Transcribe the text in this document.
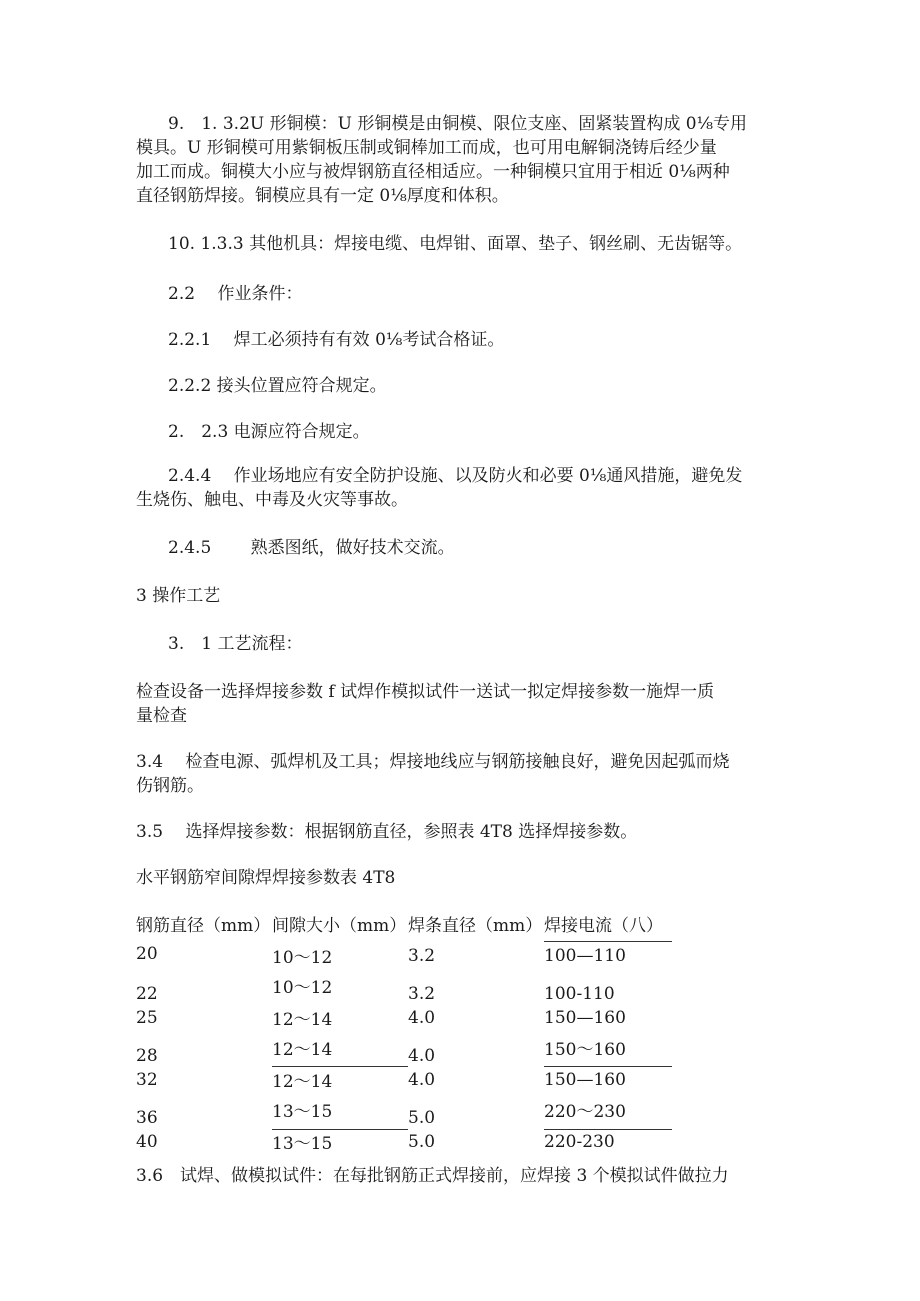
9.　1. 3.2U 形铜模：U 形铜模是由铜模、限位支座、固紧装置构成 0⅛专用
模具。U 形铜模可用紫铜板压制或铜棒加工而成，也可用电解铜浇铸后经少量
加工而成。铜模大小应与被焊钢筋直径相适应。一种铜模只宜用于相近 0⅛两种
直径钢筋焊接。铜模应具有一定 0⅛厚度和体积。
10. 1.3.3 其他机具：焊接电缆、电焊钳、面罩、垫子、钢丝刷、无齿锯等。
2.2　 作业条件：
2.2.1　 焊工必须持有有效 0⅛考试合格证。
2.2.2 接头位置应符合规定。
2.　2.3 电源应符合规定。
2.4.4　 作业场地应有安全防护设施、以及防火和必要 0⅛通风措施，避免发
生烧伤、触电、中毒及火灾等事故。
2.4.5　　 熟悉图纸，做好技术交流。
3 操作工艺
3.　1 工艺流程：
检查设备一选择焊接参数 f 试焊作模拟试件一送试一拟定焊接参数一施焊一质
量检查
3.4　 检查电源、弧焊机及工具；焊接地线应与钢筋接触良好，避免因起弧而烧
伤钢筋。
3.5　 选择焊接参数：根据钢筋直径，参照表 4T8 选择焊接参数。
水平钢筋窄间隙焊焊接参数表 4T8
钢筋直径（mm） 间隙大小（mm） 焊条直径（mm） 焊接电流（八）
20	10～12	3.2	100—110
22	10～12	3.2	100-110
25	12～14	4.0	150—160
28	12～14	4.0	150～160
32	12～14	4.0	150—160
36	13～15	5.0	220～230
40	13～15	5.0	220-230
3.6　试焊、做模拟试件：在每批钢筋正式焊接前，应焊接 3 个模拟试件做拉力
